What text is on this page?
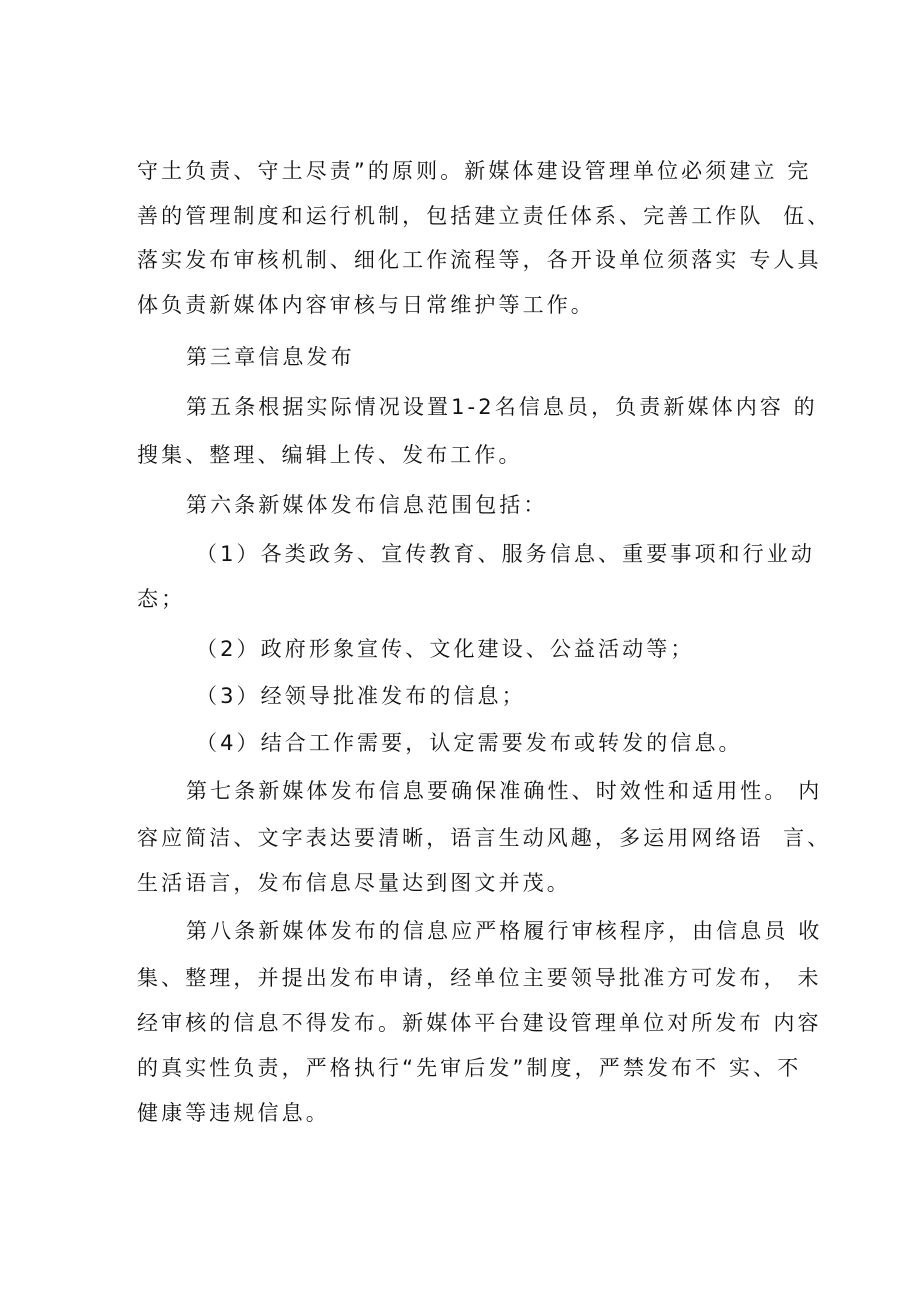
守土负责、守土尽责”的原则。新媒体建设管理单位必须建立 完

善的管理制度和运行机制，包括建立责任体系、完善工作队  伍、

落实发布审核机制、细化工作流程等，各开设单位须落实 专人具

体负责新媒体内容审核与日常维护等工作。

第三章信息发布

第五条根据实际情况设置1-2名信息员，负责新媒体内容 的

搜集、整理、编辑上传、发布工作。

第六条新媒体发布信息范围包括：

（1）各类政务、宣传教育、服务信息、重要事项和行业动

态；

（2）政府形象宣传、文化建设、公益活动等；

（3）经领导批准发布的信息；

（4）结合工作需要，认定需要发布或转发的信息。

第七条新媒体发布信息要确保准确性、时效性和适用性。 内

容应简洁、文字表达要清晰，语言生动风趣，多运用网络语  言、

生活语言，发布信息尽量达到图文并茂。

第八条新媒体发布的信息应严格履行审核程序，由信息员 收

集、整理，并提出发布申请，经单位主要领导批准方可发布， 未

经审核的信息不得发布。新媒体平台建设管理单位对所发布 内容

的真实性负责，严格执行“先审后发”制度，严禁发布不 实、不

健康等违规信息。
